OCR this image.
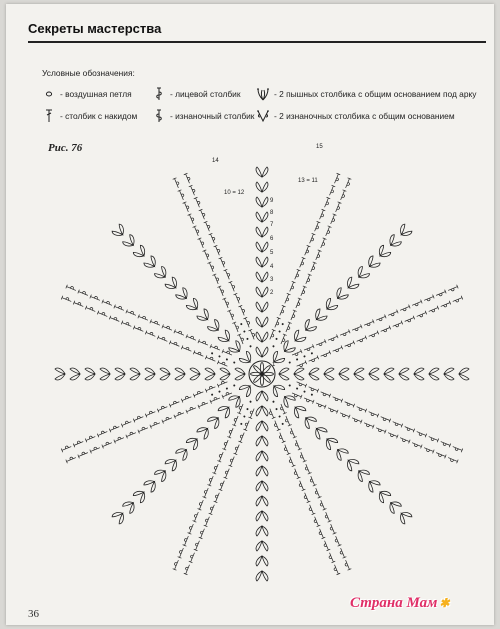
Секреты мастерства
Условные обозначения:
- воздушная петля	- лицевой столбик	- 2 пышных столбика с общим основанием под арку
- столбик с накидом	- изнаночный столбик - 2 изнаночных столбика с общим основанием
Рис. 76
1
2
3
4
5
6
7
8
9
10 = 12
13 = 11
14
15
36
Страна Мам ✱
